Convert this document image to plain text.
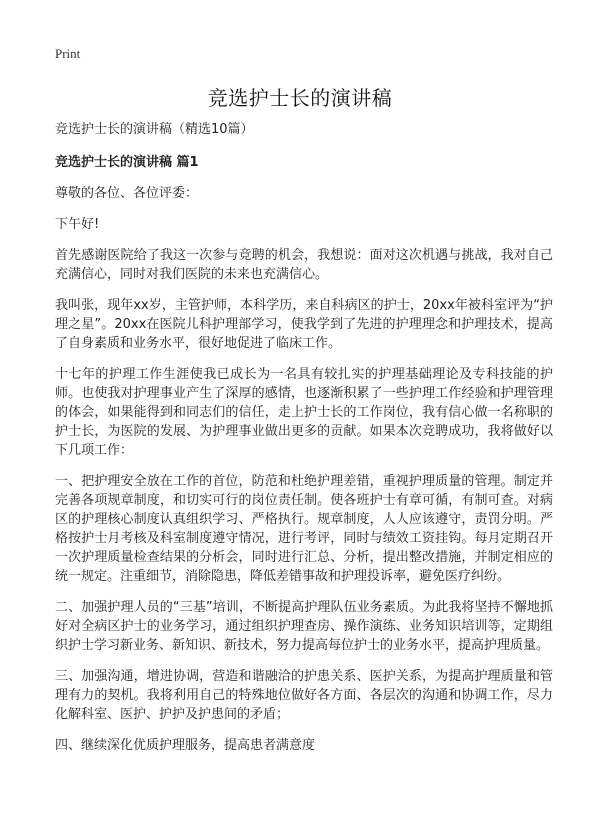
Print
竞选护士长的演讲稿

竞选护士长的演讲稿（精选10篇）

竞选护士长的演讲稿 篇1

尊敬的各位、各位评委：

下午好!

首先感谢医院给了我这一次参与竞聘的机会，我想说：面对这次机遇与挑战，我对自己充满信心，同时对我们医院的未来也充满信心。

我叫张，现年xx岁，主管护师，本科学历，来自科病区的护士，20xx年被科室评为“护理之星”。20xx在医院儿科护理部学习，使我学到了先进的护理理念和护理技术，提高了自身素质和业务水平，很好地促进了临床工作。

十七年的护理工作生涯使我已成长为一名具有较扎实的护理基础理论及专科技能的护师。也使我对护理事业产生了深厚的感情，也逐渐积累了一些护理工作经验和护理管理的体会，如果能得到和同志们的信任，走上护士长的工作岗位，我有信心做一名称职的护士长，为医院的发展、为护理事业做出更多的贡献。如果本次竞聘成功，我将做好以下几项工作：

一、把护理安全放在工作的首位，防范和杜绝护理差错，重视护理质量的管理。制定并完善各项规章制度，和切实可行的岗位责任制。使各班护士有章可循，有制可查。对病区的护理核心制度认真组织学习、严格执行。规章制度，人人应该遵守，责罚分明。严格按护士月考核及科室制度遵守情况，进行考评，同时与绩效工资挂钩。每月定期召开一次护理质量检查结果的分析会，同时进行汇总、分析，提出整改措施，并制定相应的统一规定。注重细节，消除隐患，降低差错事故和护理投诉率，避免医疗纠纷。

二、加强护理人员的“三基”培训，不断提高护理队伍业务素质。为此我将坚持不懈地抓好对全病区护士的业务学习，通过组织护理查房、操作演练、业务知识培训等，定期组织护士学习新业务、新知识、新技术，努力提高每位护士的业务水平，提高护理质量。

三、加强沟通，增进协调，营造和谐融洽的护患关系、医护关系，为提高护理质量和管理有力的契机。我将利用自己的特殊地位做好各方面、各层次的沟通和协调工作，尽力化解科室、医护、护护及护患间的矛盾；

四、继续深化优质护理服务，提高患者满意度
